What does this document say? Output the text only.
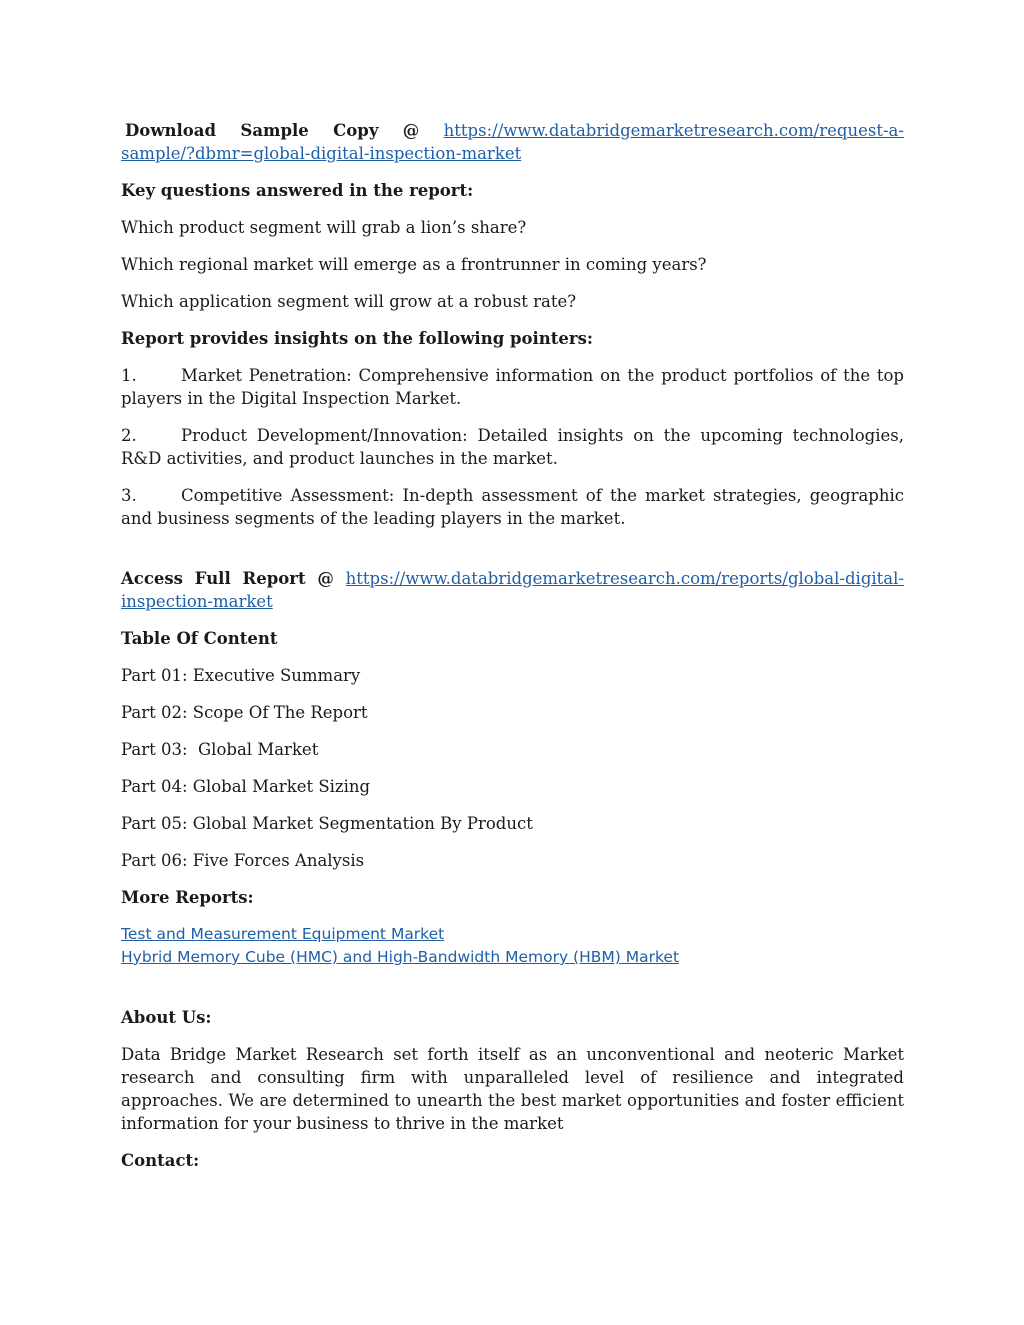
Download Sample Copy @ https://www.databridgemarketresearch.com/request-a-

sample/?dbmr=global-digital-inspection-market

Key questions answered in the report:

Which product segment will grab a lion’s share?

Which regional market will emerge as a frontrunner in coming years?

Which application segment will grow at a robust rate?

Report provides insights on the following pointers:

1.	Market Penetration: Comprehensive information on the product portfolios of the top players in the Digital Inspection Market.

2.	Product Development/Innovation: Detailed insights on the upcoming technologies, R&D activities, and product launches in the market.

3.	Competitive Assessment: In-depth assessment of the market strategies, geographic and business segments of the leading players in the market.

Access Full Report @ https://www.databridgemarketresearch.com/reports/global-digital-

inspection-market

Table Of Content

Part 01: Executive Summary

Part 02: Scope Of The Report

Part 03:  Global Market

Part 04: Global Market Sizing

Part 05: Global Market Segmentation By Product

Part 06: Five Forces Analysis

More Reports:

Test and Measurement Equipment Market
Hybrid Memory Cube (HMC) and High-Bandwidth Memory (HBM) Market

About Us:

Data Bridge Market Research set forth itself as an unconventional and neoteric Market research and consulting firm with unparalleled level of resilience and integrated approaches. We are determined to unearth the best market opportunities and foster efficient information for your business to thrive in the market

Contact:
